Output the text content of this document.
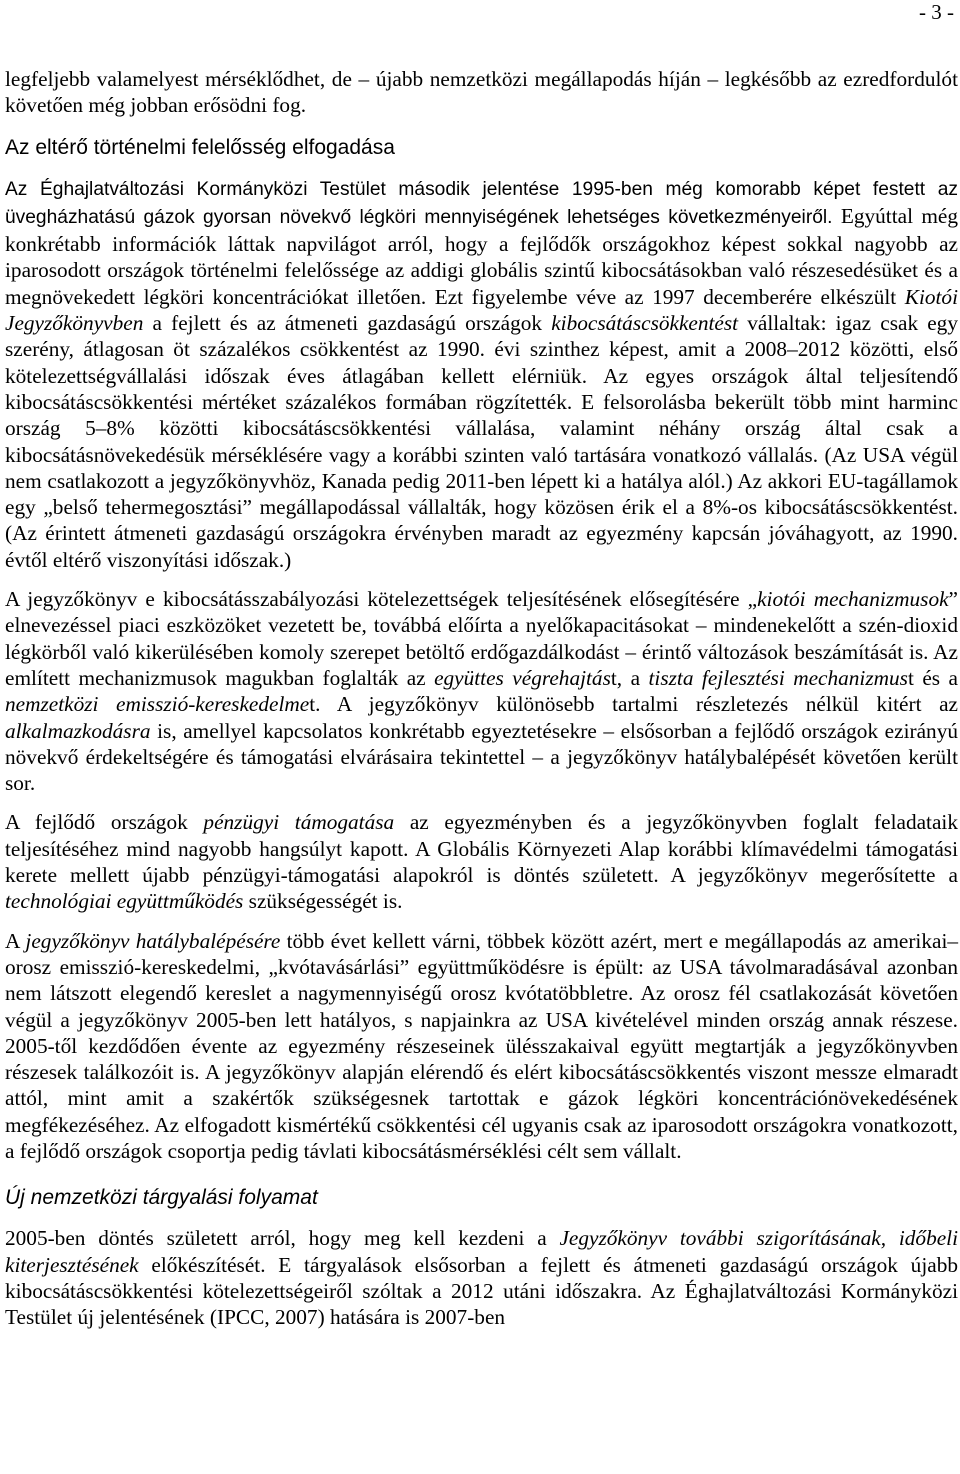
- 3 -

legfeljebb valamelyest mérséklődhet, de – újabb nemzetközi megállapodás híján – legkésőbb az ezredfordulót követően még jobban erősödni fog.

Az eltérő történelmi felelősség elfogadása

Az Éghajlatváltozási Kormányközi Testület második jelentése 1995-ben még komorabb képet festett az üvegházhatású gázok gyorsan növekvő légköri mennyiségének lehetséges következményeiről. Egyúttal még konkrétabb információk láttak napvilágot arról, hogy a fejlődők országokhoz képest sokkal nagyobb az iparosodott országok történelmi felelőssége az addigi globális szintű kibocsátásokban való részesedésüket és a megnövekedett légköri koncentrációkat illetően. Ezt figyelembe véve az 1997 decemberére elkészült Kiotói Jegyzőkönyvben a fejlett és az átmeneti gazdaságú országok kibocsátáscsökkentést vállaltak: igaz csak egy szerény, átlagosan öt százalékos csökkentést az 1990. évi szinthez képest, amit a 2008–2012 közötti, első kötelezettségvállalási időszak éves átlagában kellett elérniük. Az egyes országok által teljesítendő kibocsátáscsökkentési mértéket százalékos formában rögzítették. E felsorolásba bekerült több mint harminc ország 5–8% közötti kibocsátáscsökkentési vállalása, valamint néhány ország által csak a kibocsátásnövekedésük mérséklésére vagy a korábbi szinten való tartására vonatkozó vállalás. (Az USA végül nem csatlakozott a jegyzőkönyvhöz, Kanada pedig 2011-ben lépett ki a hatálya alól.) Az akkori EU-tagállamok egy „belső tehermegosztási” megállapodással vállalták, hogy közösen érik el a 8%-os kibocsátáscsökkentést. (Az érintett átmeneti gazdaságú országokra érvényben maradt az egyezmény kapcsán jóváhagyott, az 1990. évtől eltérő viszonyítási időszak.)

A jegyzőkönyv e kibocsátásszabályozási kötelezettségek teljesítésének elősegítésére „kiotói mechanizmusok” elnevezéssel piaci eszközöket vezetett be, továbbá előírta a nyelőkapacitásokat – mindenekelőtt a szén-dioxid légkörből való kikerülésében komoly szerepet betöltő erdőgazdálkodást – érintő változások beszámítását is. Az említett mechanizmusok magukban foglalták az együttes végrehajtást, a tiszta fejlesztési mechanizmust és a nemzetközi emisszió-kereskedelmet. A jegyzőkönyv különösebb tartalmi részletezés nélkül kitért az alkalmazkodásra is, amellyel kapcsolatos konkrétabb egyeztetésekre – elsősorban a fejlődő országok ezirányú növekvő érdekeltségére és támogatási elvárásaira tekintettel – a jegyzőkönyv hatálybalépését követően került sor.

A fejlődő országok pénzügyi támogatása az egyezményben és a jegyzőkönyvben foglalt feladataik teljesítéséhez mind nagyobb hangsúlyt kapott. A Globális Környezeti Alap korábbi klímavédelmi támogatási kerete mellett újabb pénzügyi-támogatási alapokról is döntés született. A jegyzőkönyv megerősítette a technológiai együttműködés szükségességét is.

A jegyzőkönyv hatálybalépésére több évet kellett várni, többek között azért, mert e megállapodás az amerikai–orosz emisszió-kereskedelmi, „kvótavásárlási” együttműködésre is épült: az USA távolmaradásával azonban nem látszott elegendő kereslet a nagymennyiségű orosz kvótatöbbletre. Az orosz fél csatlakozását követően végül a jegyzőkönyv 2005-ben lett hatályos, s napjainkra az USA kivételével minden ország annak részese. 2005-től kezdődően évente az egyezmény részeseinek ülésszakaival együtt megtartják a jegyzőkönyvben részesek találkozóit is. A jegyzőkönyv alapján elérendő és elért kibocsátáscsökkentés viszont messze elmaradt attól, mint amit a szakértők szükségesnek tartottak e gázok légköri koncentrációnövekedésének megfékezéséhez. Az elfogadott kismértékű csökkentési cél ugyanis csak az iparosodott országokra vonatkozott, a fejlődő országok csoportja pedig távlati kibocsátásmérséklési célt sem vállalt.

Új nemzetközi tárgyalási folyamat

2005-ben döntés született arról, hogy meg kell kezdeni a Jegyzőkönyv további szigorításának, időbeli kiterjesztésének előkészítését. E tárgyalások elsősorban a fejlett és átmeneti gazdaságú országok újabb kibocsátáscsökkentési kötelezettségeiről szóltak a 2012 utáni időszakra. Az Éghajlatváltozási Kormányközi Testület új jelentésének (IPCC, 2007) hatására is 2007-ben
